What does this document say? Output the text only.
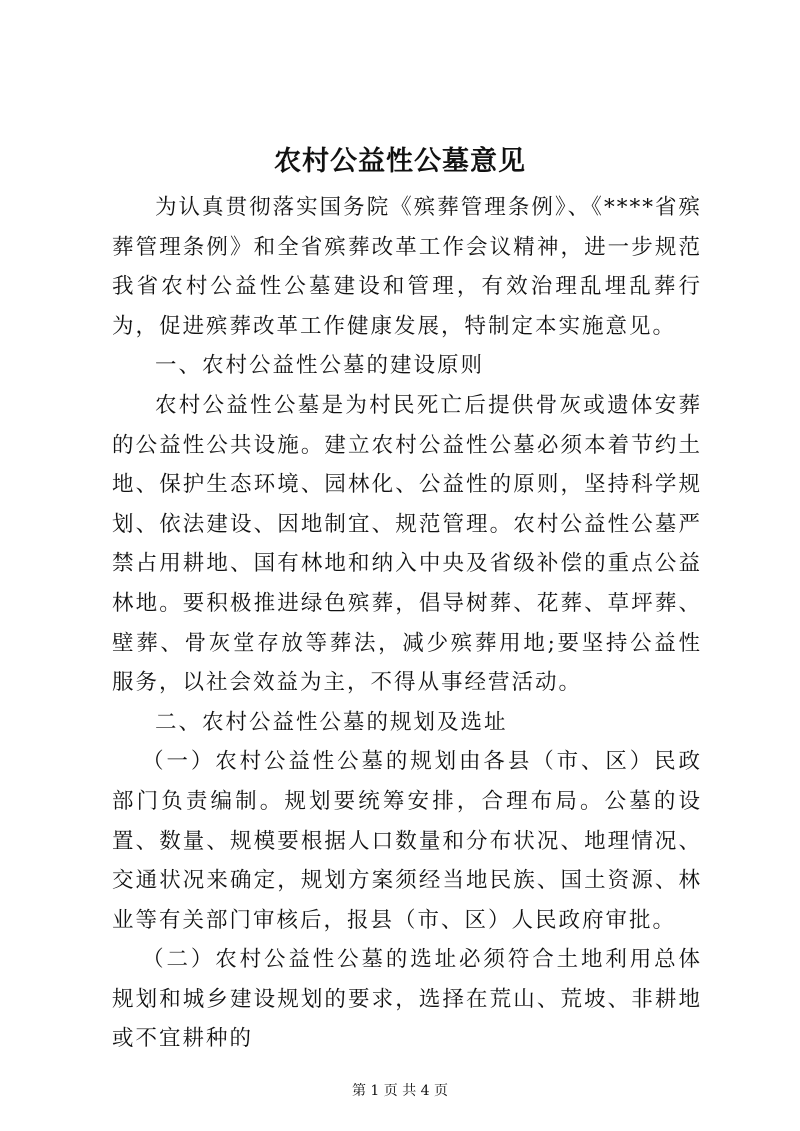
农村公益性公墓意见

为认真贯彻落实国务院《殡葬管理条例》、《****省殡葬管理条例》和全省殡葬改革工作会议精神，进一步规范我省农村公益性公墓建设和管理，有效治理乱埋乱葬行为，促进殡葬改革工作健康发展，特制定本实施意见。

一、农村公益性公墓的建设原则

农村公益性公墓是为村民死亡后提供骨灰或遗体安葬的公益性公共设施。建立农村公益性公墓必须本着节约土地、保护生态环境、园林化、公益性的原则，坚持科学规划、依法建设、因地制宜、规范管理。农村公益性公墓严禁占用耕地、国有林地和纳入中央及省级补偿的重点公益林地。要积极推进绿色殡葬，倡导树葬、花葬、草坪葬、壁葬、骨灰堂存放等葬法，减少殡葬用地;要坚持公益性服务，以社会效益为主，不得从事经营活动。

二、农村公益性公墓的规划及选址

（一）农村公益性公墓的规划由各县（市、区）民政部门负责编制。规划要统筹安排，合理布局。公墓的设置、数量、规模要根据人口数量和分布状况、地理情况、交通状况来确定，规划方案须经当地民族、国土资源、林业等有关部门审核后，报县（市、区）人民政府审批。

（二）农村公益性公墓的选址必须符合土地利用总体规划和城乡建设规划的要求，选择在荒山、荒坡、非耕地或不宜耕种的

第 1 页 共 4 页
